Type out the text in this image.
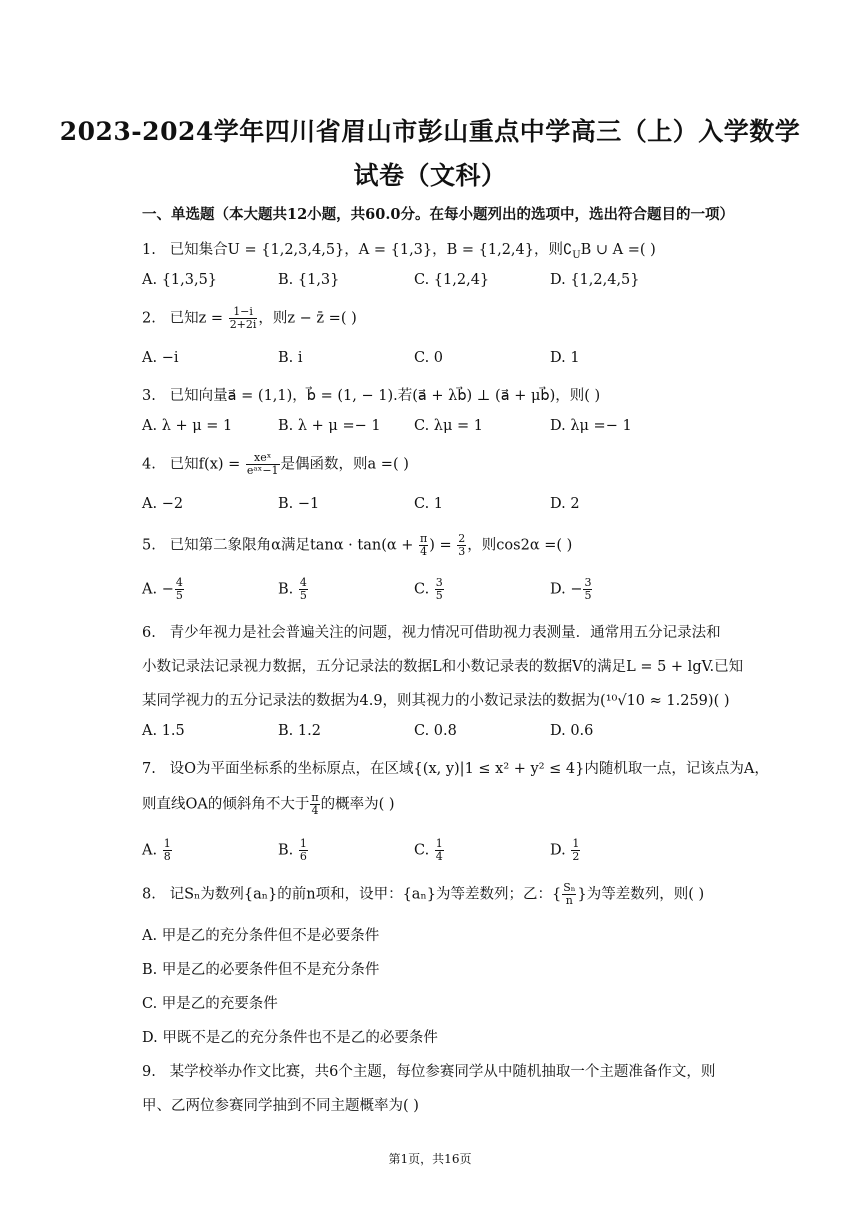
2023-2024学年四川省眉山市彭山重点中学高三（上）入学数学
试卷（文科）
一、单选题（本大题共12小题，共60.0分。在每小题列出的选项中，选出符合题目的一项）
1. 已知集合U = {1,2,3,4,5}，A = {1,3}，B = {1,2,4}，则$∁_UB$ ∪ A =( )
A. {1,3,5}	B. {1,3}	C. {1,2,4}	D. {1,2,4,5}
2. 已知$z = \frac{1-i}{2+2i}$ ，则z − z̄ =( )
A. −i	B. i	C. 0	D. 1
3. 已知向量a⃗ = (1,1)，b⃗ = (1, − 1).若(a⃗ + λb⃗) ⊥ (a⃗ + μb⃗)，则( )
A. λ + μ = 1	B. λ + μ =− 1 C. λμ = 1	D. λμ =− 1
4. 已知f(x) =	xeˣ
eᵃˣ−1 是偶函数，则a =( )
A. −2	B. −1	C. 1	D. 2
5. 已知第二象限角α满足$\tan\alpha \cdot \tan(\alpha + \frac{\pi}{4}$ ) = $\frac{2}{3}$ ，则cos2α =( )
A. − $\frac{4}{5}$	B. $\frac{4}{5}$	C. $\frac{3}{5}$	D. − $\frac{3}{5}$
6. 青少年视力是社会普遍关注的问题，视力情况可借助视力表测量．通常用五分记录法和
小数记录法记录视力数据，五分记录法的数据L和小数记录表的数据V的满足L = 5 + lgV.已知
某同学视力的五分记录法的数据为4.9，则其视力的小数记录法的数据为(¹⁰√10 ≈ 1.259)( )
A. 1.5	B. 1.2	C. 0.8	D. 0.6
7. 设O为平面坐标系的坐标原点，在区域{(x, y)|1 ≤ x² + y² ≤ 4}内随机取一点，记该点为A，
则直线OA的倾斜角不大于 $\frac{\pi}{4}$ 的概率为( )
A. $\frac{1}{8}$	B. $\frac{1}{6}$	C. $\frac{1}{4}$	D. $\frac{1}{2}$
8. 记Sₙ为数列{aₙ}的前n项和，设甲：{aₙ}为等差数列；乙：{ $\frac{\text{Sₙ}}{n}$ }为等差数列，则( )
A. 甲是乙的充分条件但不是必要条件
B. 甲是乙的必要条件但不是充分条件
C. 甲是乙的充要条件
D. 甲既不是乙的充分条件也不是乙的必要条件
9. 某学校举办作文比赛，共6个主题，每位参赛同学从中随机抽取一个主题准备作文，则
甲、乙两位参赛同学抽到不同主题概率为( )
第1页，共16页
